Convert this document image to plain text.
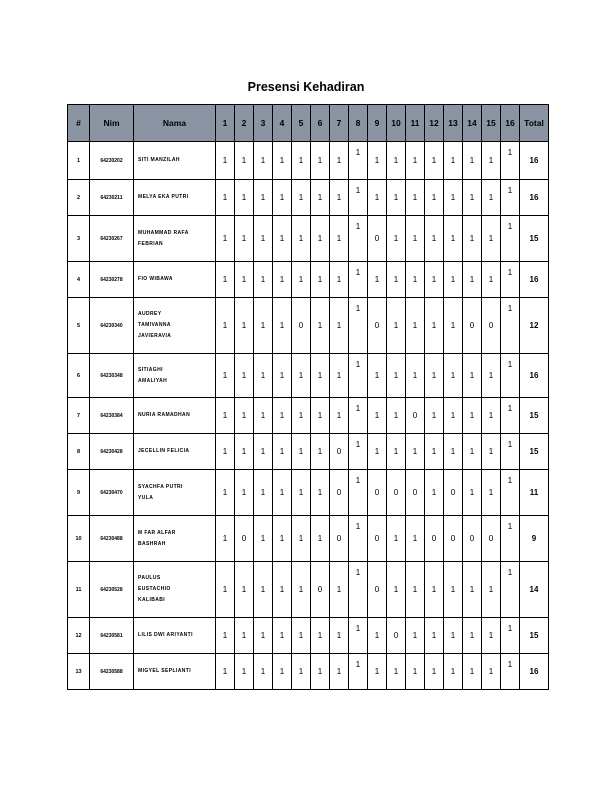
Presensi Kehadiran
#	Nim	Nama	1	2	3	4	5	6	7	8	9	10	11	12	13	14	15	16	Total
1	64230202	SITI MANZILAH	1	1	1	1	1	1	1	1	1	1	1	1	1	1	1	1	16
2	64230211	MELYA EKA PUTRI	1	1	1	1	1	1	1	1	1	1	1	1	1	1	1	1	16
3	64230267	MUHAMMAD RAFA
FEBRIAN	1	1	1	1	1	1	1	1	0	1	1	1	1	1	1	1	15
4	64230278	FIO WIBAWA	1	1	1	1	1	1	1	1	1	1	1	1	1	1	1	1	16
5	64230340	AUDREY
TAMIVANNA
JAVIERAVIA	1	1	1	1	0	1	1	1	0	1	1	1	1	0	0	1	12
6	64230348	SITIAGHI
AMALIYAH	1	1	1	1	1	1	1	1	1	1	1	1	1	1	1	1	16
7	64230384	NURIA RAMADHAN	1	1	1	1	1	1	1	1	1	1	0	1	1	1	1	1	15
8	64230428	JECELLIN FELICIA	1	1	1	1	1	1	0	1	1	1	1	1	1	1	1	1	15
9	64230470	SYACHFA PUTRI
YULA	1	1	1	1	1	1	0	1	0	0	0	1	0	1	1	1	11
10	64230488	M FAR ALFAR
BASHRAH	1	0	1	1	1	1	0	1	0	1	1	0	0	0	0	1	9
11	64230528	PAULUS
EUSTACHIO
KALIBABI	1	1	1	1	1	0	1	1	0	1	1	1	1	1	1	1	14
12	64230581	LILIS DWI ARIYANTI	1	1	1	1	1	1	1	1	1	0	1	1	1	1	1	1	15
13	64230588	MIGYEL SEPLIANTI	1	1	1	1	1	1	1	1	1	1	1	1	1	1	1	1	16
